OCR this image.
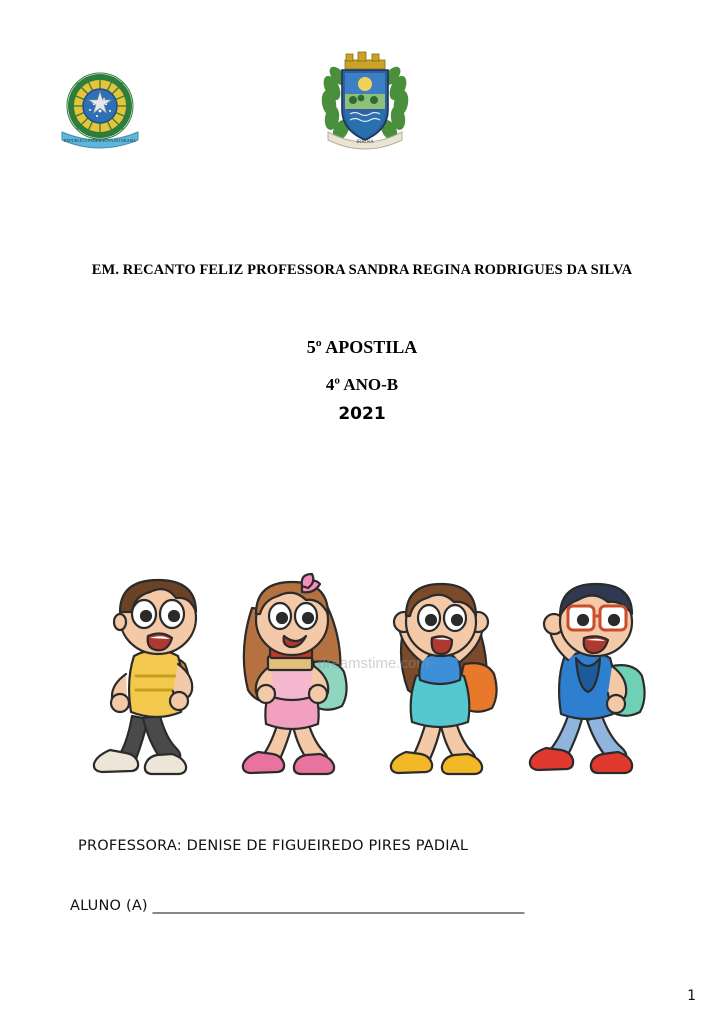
REPÚBLICA FEDERATIVA DO BRASIL	IRIÚNA
EM. RECANTO FELIZ PROFESSORA SANDRA REGINA RODRIGUES DA SILVA
5º APOSTILA
4º ANO-B
2021
dreamstime.com
PROFESSORA: DENISE DE FIGUEIREDO PIRES PADIAL
ALUNO (A) _______________________________________________________
1
